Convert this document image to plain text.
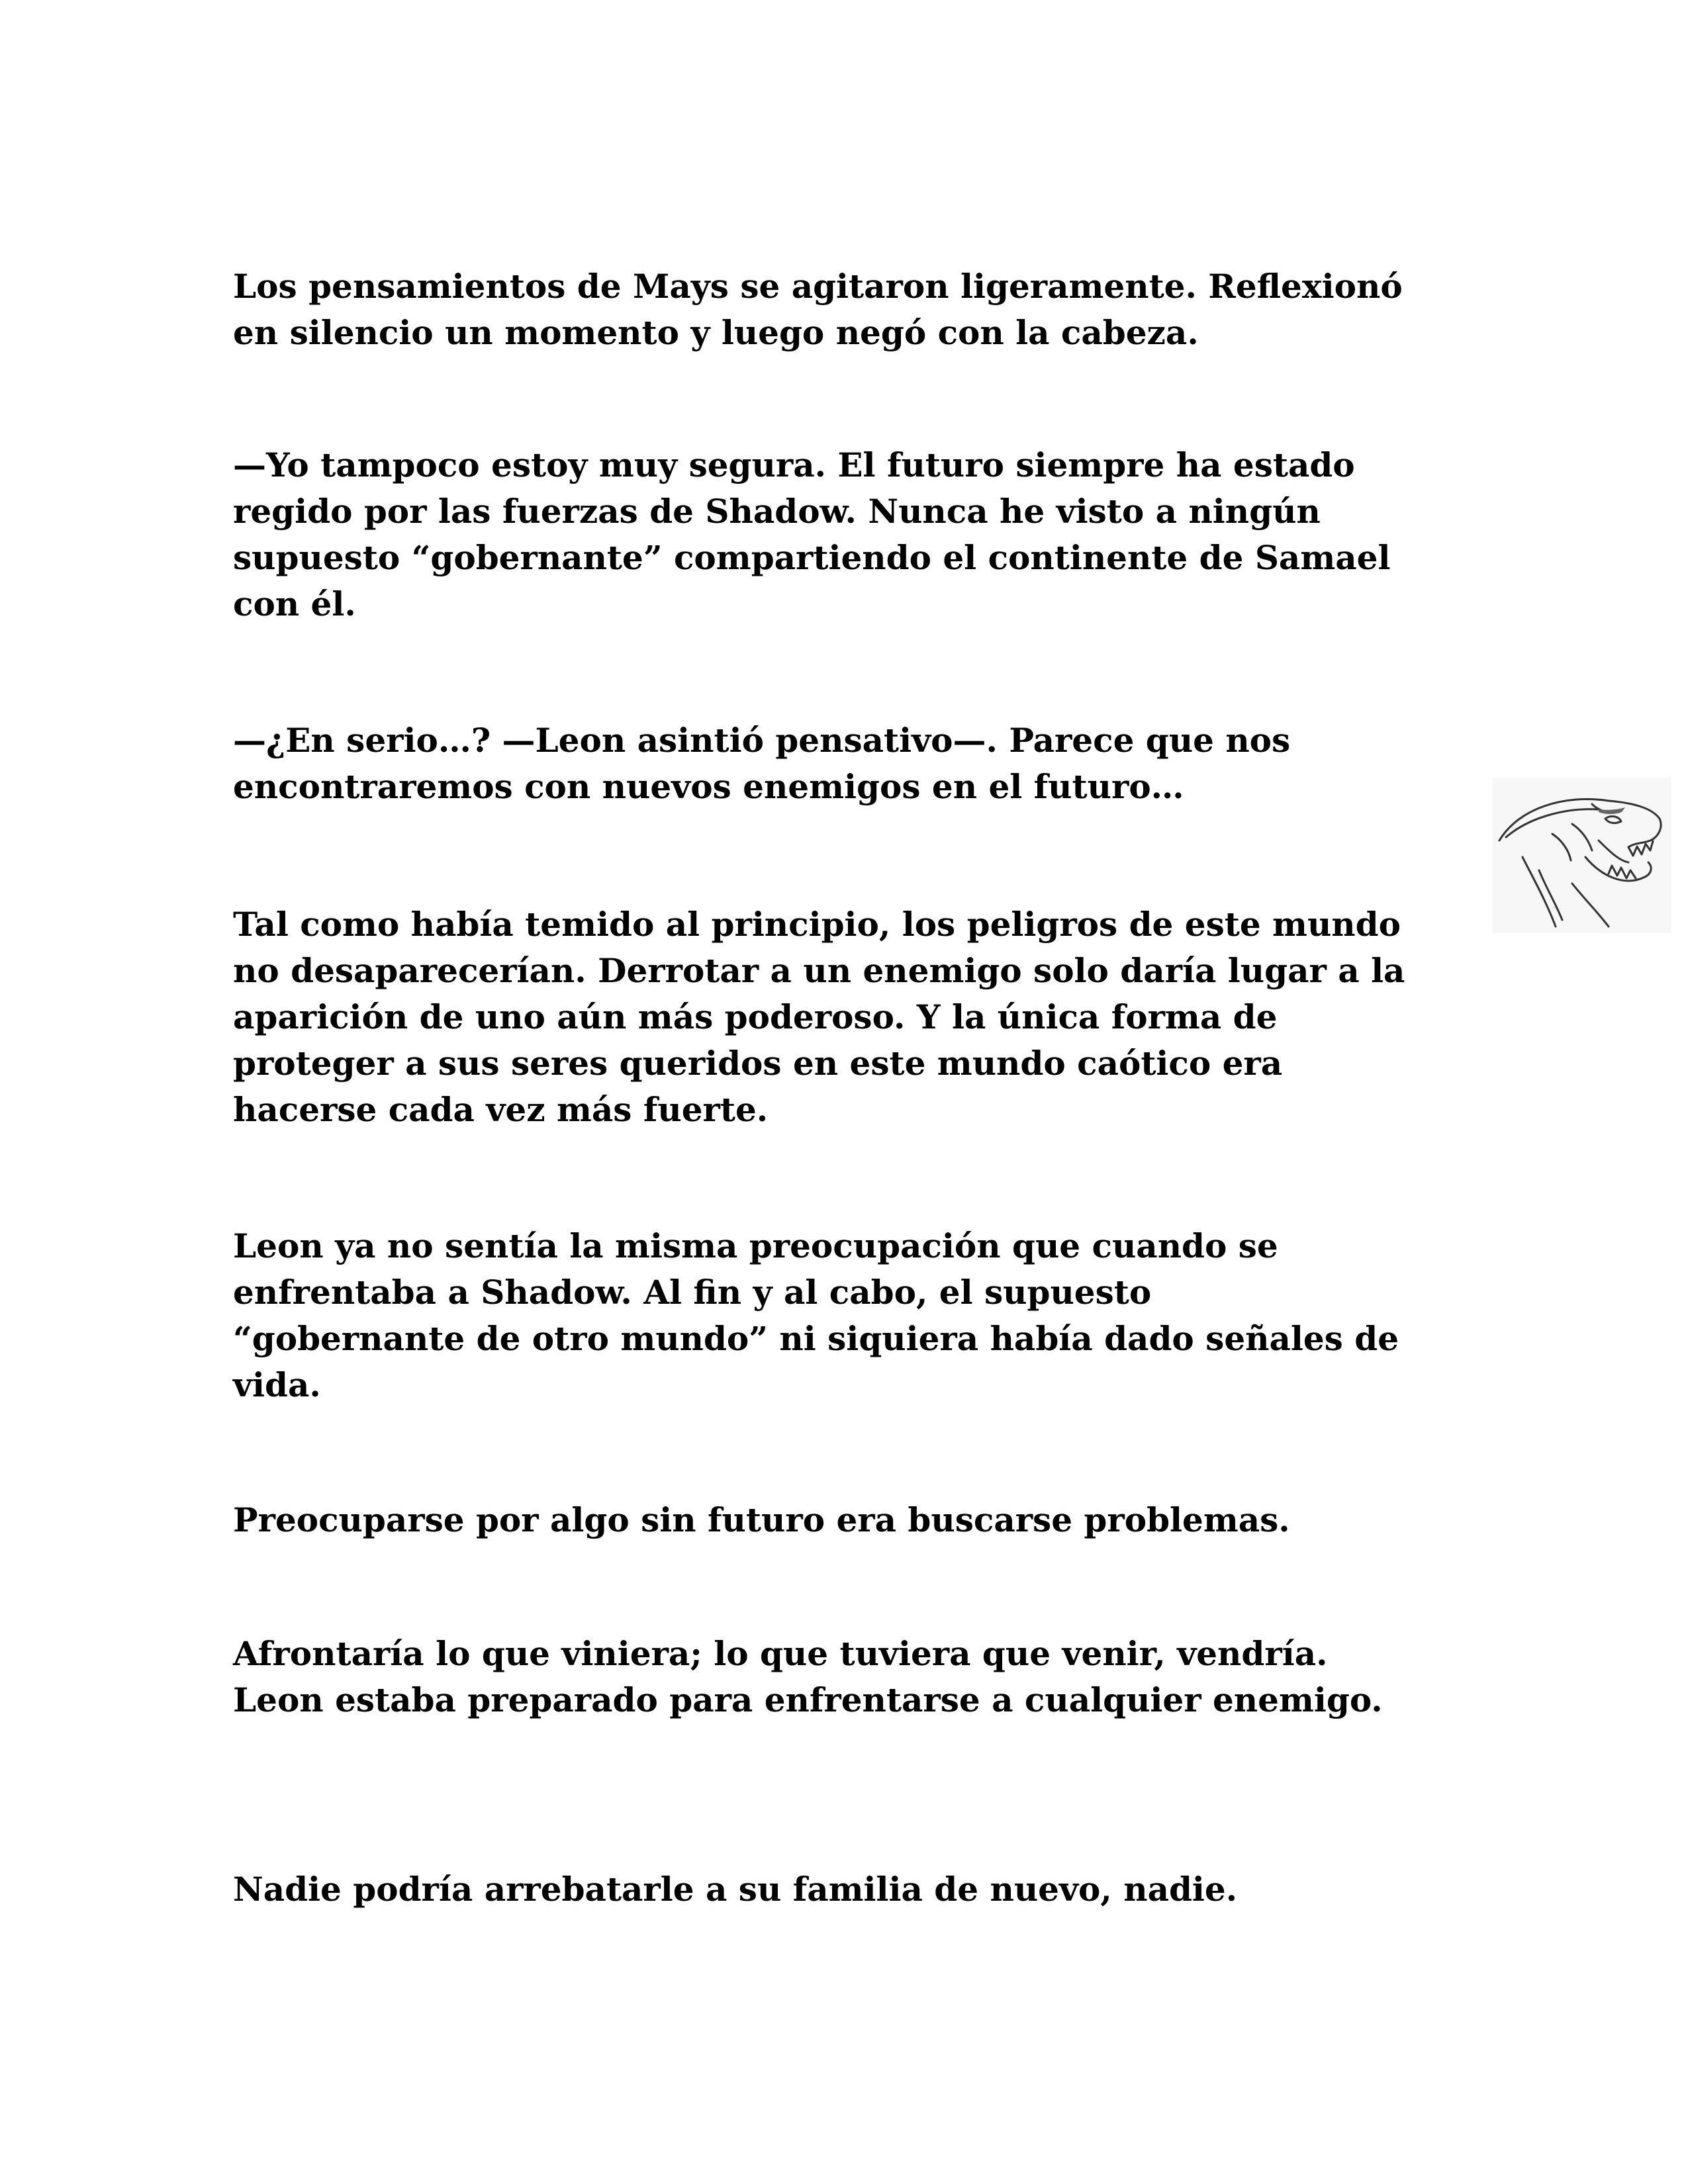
Los pensamientos de Mays se agitaron ligeramente. Reflexionó
en silencio un momento y luego negó con la cabeza.

—Yo tampoco estoy muy segura. El futuro siempre ha estado
regido por las fuerzas de Shadow. Nunca he visto a ningún
supuesto “gobernante” compartiendo el continente de Samael
con él.

—¿En serio…? —Leon asintió pensativo—. Parece que nos
encontraremos con nuevos enemigos en el futuro…

Tal como había temido al principio, los peligros de este mundo
no desaparecerían. Derrotar a un enemigo solo daría lugar a la
aparición de uno aún más poderoso. Y la única forma de
proteger a sus seres queridos en este mundo caótico era
hacerse cada vez más fuerte.

Leon ya no sentía la misma preocupación que cuando se
enfrentaba a Shadow. Al fin y al cabo, el supuesto
“gobernante de otro mundo” ni siquiera había dado señales de
vida.

Preocuparse por algo sin futuro era buscarse problemas.

Afrontaría lo que viniera; lo que tuviera que venir, vendría.
Leon estaba preparado para enfrentarse a cualquier enemigo.

Nadie podría arrebatarle a su familia de nuevo, nadie.
